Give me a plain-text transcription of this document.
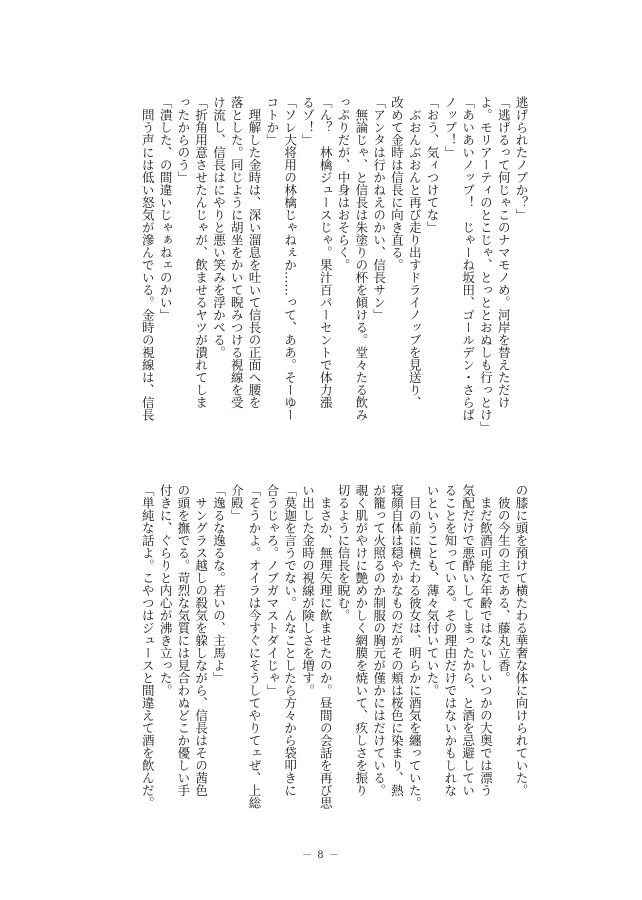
逃げられたノブか？」
「逃げるって何じゃこのナマモノめ。河岸を替えただけ
よ。モリアーティのとこじゃ、とっととおぬしも行っとけ」
「あいあいノッブ！　じゃーね坂田、ゴールデン・さらば
ノッブ！」
「おう、気ィつけてな」
　ぶおんぶおんと再び走り出すドライノッブを見送り、
改めて金時は信長に向き直る。
「アンタは行かねえのかい、信長サン」
　無論じゃ、と信長は朱塗りの杯を傾ける。堂々たる飲み
っぷりだが、中身はおそらく。
「ん？　林檎ジュースじゃ。果汁百パーセントで体力漲
るゾ！」
「ソレ大将用の林檎じゃねぇか……って、ああ。そーゆー
コトか」
　理解した金時は、深い溜息を吐いて信長の正面へ腰を
落とした。同じように胡坐をかいて睨みつける視線を受
け流し、信長はにやりと悪い笑みを浮かべる。
「折角用意させたんじゃが、飲ませるヤツが潰れてしま
ったからのう」
「潰した、の間違いじゃぁねェのかい」
　問う声には低い怒気が滲んでいる。金時の視線は、信長
の膝に頭を預けて横たわる華奢な体に向けられていた。
　彼の今生の主である、藤丸立香。
　まだ飲酒可能な年齢ではないしいつかの大奥では漂う
気配だけで悪酔いしてしまったから、と酒を忌避してい
ることを知っている。その理由だけではないかもしれな
いということも、薄々気付いていた。
　目の前に横たわる彼女は、明らかに酒気を纏っていた。
寝顔自体は穏やかなものだがその頬は桜色に染まり、熱
が籠って火照るのか制服の胸元が僅かにはだけている。
覗く肌がやけに艶めかしく網膜を焼いて、疚しさを振り
切るように信長を睨む。
　まさか、無理矢理に飲ませたのか。昼間の会話を再び思
い出した金時の視線が険しさを増す。
「莫迦を言うでない。んなことしたら方々から袋叩きに
合うじゃろ。ノブガマストダイじゃ」
「そうかよ。オイラは今すぐにそうしてやりてェぜ、上総
介殿」
「逸るな逸るな。若いの、主馬よ」
　サングラス越しの殺気を躱しながら、信長はその茜色
の頭を撫でる。苛烈な気質には見合わぬどこか優しい手
付きに、ぐらりと内心が沸き立った。
「単純な話よ。こやつはジュースと間違えて酒を飲んだ。
－ 8 －
